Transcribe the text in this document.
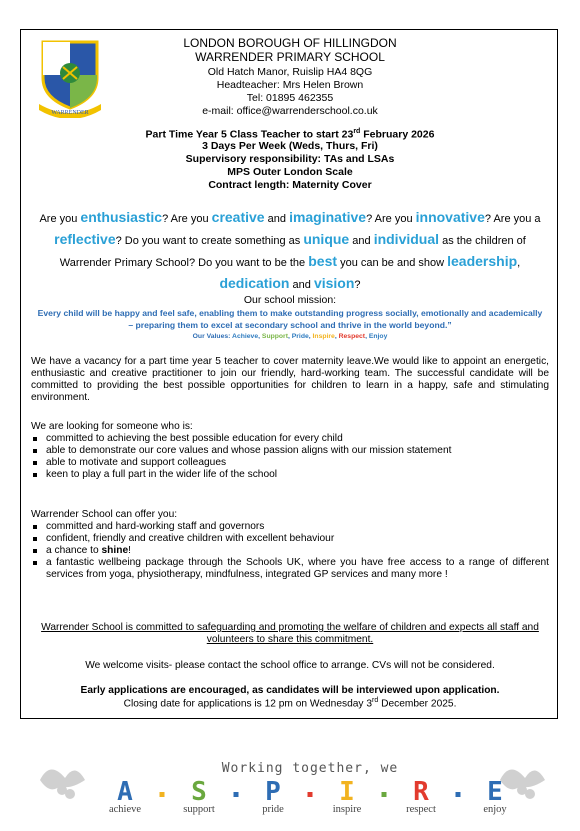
WARRENDER
LONDON BOROUGH OF HILLINGDON
WARRENDER PRIMARY SCHOOL
Old Hatch Manor, Ruislip HA4 8QG
Headteacher: Mrs Helen Brown
Tel: 01895 462355
e-mail: office@warrenderschool.co.uk
Part Time Year 5 Class Teacher to start 23rd February 2026
3 Days Per Week (Weds, Thurs, Fri)
Supervisory responsibility: TAs and LSAs
MPS Outer London Scale
Contract length: Maternity Cover
Are you enthusiastic? Are you creative and imaginative? Are you innovative? Are you a reflective? Do you want to create something as unique and individual as the children of Warrender Primary School? Do you want to be the best you can be and show leadership, dedication and vision?
Our school mission:
Every child will be happy and feel safe, enabling them to make outstanding progress socially, emotionally and academically – preparing them to excel at secondary school and thrive in the world beyond.”
Our Values: Achieve, Support, Pride, Inspire, Respect, Enjoy
We have a vacancy for a part time year 5 teacher to cover maternity leave.We would like to appoint an energetic, enthusiastic and creative practitioner to join our friendly, hard-working team. The successful candidate will be committed to providing the best possible opportunities for children to learn in a happy, safe and stimulating environment.
We are looking for someone who is:
committed to achieving the best possible education for every child
able to demonstrate our core values and whose passion aligns with our mission statement
able to motivate and support colleagues
keen to play a full part in the wider life of the school
Warrender School can offer you:
committed and hard-working staff and governors
confident, friendly and creative children with excellent behaviour
a chance to shine!
a fantastic wellbeing package through the Schools UK, where you have free access to a range of different services from yoga, physiotherapy, mindfulness, integrated GP services and many more !
Warrender School is committed to safeguarding and promoting the welfare of children and expects all staff and volunteers to share this commitment.
We welcome visits- please contact the school office to arrange. CVs will not be considered.
Early applications are encouraged, as candidates will be interviewed upon application.
Closing date for applications is 12 pm on Wednesday 3rd December 2025.
Working together, we
A S P I R E
achieve	support	pride	inspire	respect	enjoy
